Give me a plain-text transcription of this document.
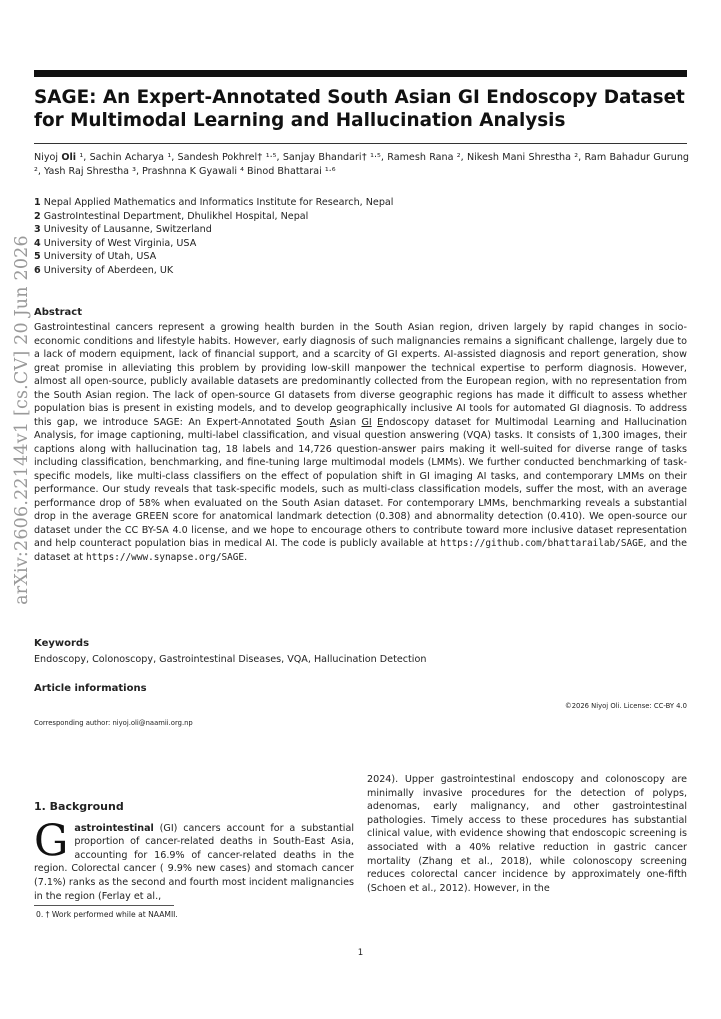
SAGE: An Expert-Annotated South Asian GI Endoscopy Dataset for Multimodal Learning and Hallucination Analysis
Niyoj Oli ¹, Sachin Acharya ¹, Sandesh Pokhrel† ¹·⁵, Sanjay Bhandari† ¹·⁵, Ramesh Rana ², Nikesh Mani Shrestha ², Ram Bahadur Gurung ², Yash Raj Shrestha ³, Prashnna K Gyawali ⁴ Binod Bhattarai ¹·⁶
1 Nepal Applied Mathematics and Informatics Institute for Research, Nepal
2 GastroIntestinal Department, Dhulikhel Hospital, Nepal
3 Univesity of Lausanne, Switzerland
4 University of West Virginia, USA
5 University of Utah, USA
6 University of Aberdeen, UK
arXiv:2606.22144v1 [cs.CV] 20 Jun 2026 Abstract
Gastrointestinal cancers represent a growing health burden in the South Asian region, driven largely by rapid changes in socio-economic conditions and lifestyle habits. However, early diagnosis of such malignancies remains a significant challenge, largely due to a lack of modern equipment, lack of financial support, and a scarcity of GI experts. AI-assisted diagnosis and report generation, show great promise in alleviating this problem by providing low-skill manpower the technical expertise to perform diagnosis. However, almost all open-source, publicly available datasets are predominantly collected from the European region, with no representation from the South Asian region. The lack of open-source GI datasets from diverse geographic regions has made it difficult to assess whether population bias is present in existing models, and to develop geographically inclusive AI tools for automated GI diagnosis. To address this gap, we introduce SAGE: An Expert-Annotated South Asian GI Endoscopy dataset for Multimodal Learning and Hallucination Analysis, for image captioning, multi-label classification, and visual question answering (VQA) tasks. It consists of 1,300 images, their captions along with hallucination tag, 18 labels and 14,726 question-answer pairs making it well-suited for diverse range of tasks including classification, benchmarking, and fine-tuning large multimodal models (LMMs). We further conducted benchmarking of task-specific models, like multi-class classifiers on the effect of population shift in GI imaging AI tasks, and contemporary LMMs on their performance. Our study reveals that task-specific models, such as multi-class classification models, suffer the most, with an average performance drop of 58% when evaluated on the South Asian dataset. For contemporary LMMs, benchmarking reveals a substantial drop in the average GREEN score for anatomical landmark detection (0.308) and abnormality detection (0.410). We open-source our dataset under the CC BY-SA 4.0 license, and we hope to encourage others to contribute toward more inclusive dataset representation and help counteract population bias in medical AI. The code is publicly available at https://github.com/bhattarailab/SAGE, and the dataset at https://www.synapse.org/SAGE.
Keywords
Endoscopy, Colonoscopy, Gastrointestinal Diseases, VQA, Hallucination Detection
Article informations
©2026 Niyoj Oli. License: CC-BY 4.0
Corresponding author: niyoj.oli@naamii.org.np
1. Background
G astrointestinal (GI) cancers account for a substantial proportion of cancer-related deaths in South-East Asia, accounting for 16.9% of cancer-related deaths in the region. Colorectal cancer ( 9.9% new cases) and stomach cancer (7.1%) ranks as the second and fourth most incident malignancies in the region (Ferlay et al.,
2024). Upper gastrointestinal endoscopy and colonoscopy are minimally invasive procedures for the detection of polyps, adenomas, early malignancy, and other gastrointestinal pathologies. Timely access to these procedures has substantial clinical value, with evidence showing that endoscopic screening is associated with a 40% relative reduction in gastric cancer mortality (Zhang et al., 2018), while colonoscopy screening reduces colorectal cancer incidence by approximately one-fifth (Schoen et al., 2012). However, in the
0. † Work performed while at NAAMII.
1
